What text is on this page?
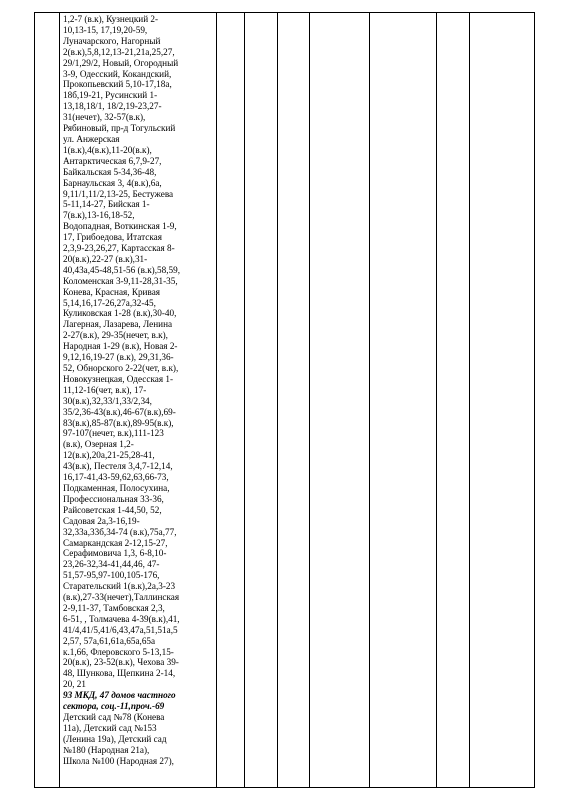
1,2-7 (в.к), Кузнецкий 2-
10,13-15, 17,19,20-59,
Луначарского, Нагорный
2(в.к),5,8,12,13-21,21а,25,27,
29/1,29/2, Новый, Огородный
3-9, Одесский, Кокандский,
Прокопьевский 5,10-17,18а,
18б,19-21, Русинский 1-
13,18,18/1, 18/2,19-23,27-
31(нечет), 32-57(в.к),
Рябиновый, пр-д Тогульский
ул. Анжерская
1(в.к),4(в.к),11-20(в.к),
Антарктическая 6,7,9-27,
Байкальская 5-34,36-48,
Барнаульская 3, 4(в.к),6а,
9,11/1,11/2,13-25, Бестужева
5-11,14-27, Бийская 1-
7(в.к),13-16,18-52,
Водопадная, Воткинская 1-9,
17, Грибоедова, Итатская
2,3,9-23,26,27, Картасская 8-
20(в.к),22-27 (в.к),31-
40,43а,45-48,51-56 (в.к),58,59,
Коломенская 3-9,11-28,31-35,
Конева, Красная, Кривая
5,14,16,17-26,27а,32-45,
Куликовская 1-28 (в.к),30-40,
Лагерная, Лазарева, Ленина
2-27(в.к), 29-35(нечет, в.к),
Народная 1-29 (в.к), Новая 2-
9,12,16,19-27 (в.к), 29,31,36-
52, Обнорского 2-22(чет, в.к),
Новокузнецкая, Одесская 1-
11,12-16(чет, в.к), 17-
30(в.к),32,33/1,33/2,34,
35/2,36-43(в.к),46-67(в.к),69-
83(в.к),85-87(в.к),89-95(в.к),
97-107(нечет, в.к),111-123
(в.к), Озерная 1,2-
12(в.к),20а,21-25,28-41,
43(в.к), Пестеля 3,4,7-12,14,
16,17-41,43-59,62,63,66-73,
Подкаменная, Полосухина,
Профессиональная 33-36,
Райсоветская 1-44,50, 52,
Садовая 2а,3-16,19-
32,33а,33б,34-74 (в.к),75а,77,
Самаркандская 2-12,15-27,
Серафимовича 1,3, 6-8,10-
23,26-32,34-41,44,46, 47-
51,57-95,97-100,105-176,
Старательский 1(в.к),2а,3-23
(в.к),27-33(нечет),Таллинская
2-9,11-37, Тамбовская 2,3,
6-51, , Толмачева 4-39(в.к),41,
41/4,41/5,41/6,43,47а,51,51а,5
2,57, 57а,61,61а,65а,65а
к.1,66, Флеровского 5-13,15-
20(в.к), 23-52(в.к), Чехова 39-
48, Шункова, Щепкина 2-14,
20, 21
93 МКД, 47 домов частного
сектора, соц.-11,проч.-69
Детский сад №78 (Конева
11а), Детский сад №153
(Ленина 19а), Детский сад
№180 (Народная 21а),
Школа №100 (Народная 27),
